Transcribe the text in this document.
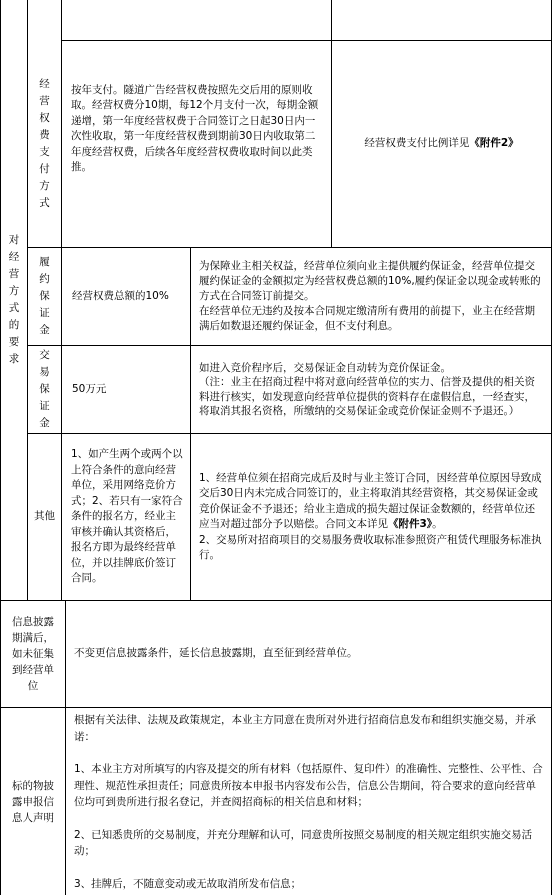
对经营方式的要求
经营权费支付方式

按年支付。隧道广告经营权费按照先交后用的原则收取。经营权费分10期，每12个月支付一次，每期金额递增，第一年度经营权费于合同签订之日起30日内一次性收取，第一年度经营权费到期前30日内收取第二年度经营权费，后续各年度经营权费收取时间以此类推。

经营权费支付比例详见《附件2》

履约保证金

经营权费总额的10%

为保障业主相关权益，经营单位须向业主提供履约保证金，经营单位提交履约保证金的金额拟定为经营权费总额的10%,履约保证金以现金或转账的方式在合同签订前提交。

在经营单位无违约及按本合同规定缴清所有费用的前提下，业主在经营期满后如数退还履约保证金，但不支付利息。

交易保证金

50万元

如进入竞价程序后，交易保证金自动转为竞价保证金。

（注：业主在招商过程中将对意向经营单位的实力、信誉及提供的相关资料进行核实，如发现意向经营单位提供的资料存在虚假信息，一经查实，将取消其报名资格，所缴纳的交易保证金或竞价保证金则不予退还。）

其他

1、如产生两个或两个以上符合条件的意向经营单位，采用网络竞价方式；2、若只有一家符合条件的报名方，经业主审核并确认其资格后，报名方即为最终经营单位，并以挂牌底价签订合同。

1、经营单位须在招商完成后及时与业主签订合同，因经营单位原因导致成交后30日内未完成合同签订的，业主将取消其经营资格，其交易保证金或竞价保证金不予退还；给业主造成的损失超过保证金数额的，经营单位还应当对超过部分予以赔偿。合同文本详见《附件3》。

2、交易所对招商项目的交易服务费收取标准参照资产租赁代理服务标准执行。

信息披露期满后，如未征集到经营单位

不变更信息披露条件，延长信息披露期，直至征到经营单位。

标的物披露申报信息人声明

根据有关法律、法规及政策规定，本业主方同意在贵所对外进行招商信息发布和组织实施交易，并承诺：

1、本业主方对所填写的内容及提交的所有材料（包括原件、复印件）的准确性、完整性、公平性、合理性、规范性承担责任；同意贵所按本申报书内容发布公告，信息公告期间，符合要求的意向经营单位均可到贵所进行报名登记，并查阅招商标的相关信息和材料；

2、已知悉贵所的交易制度，并充分理解和认可，同意贵所按照交易制度的相关规定组织实施交易活动；

3、挂牌后，不随意变动或无故取消所发布信息；
